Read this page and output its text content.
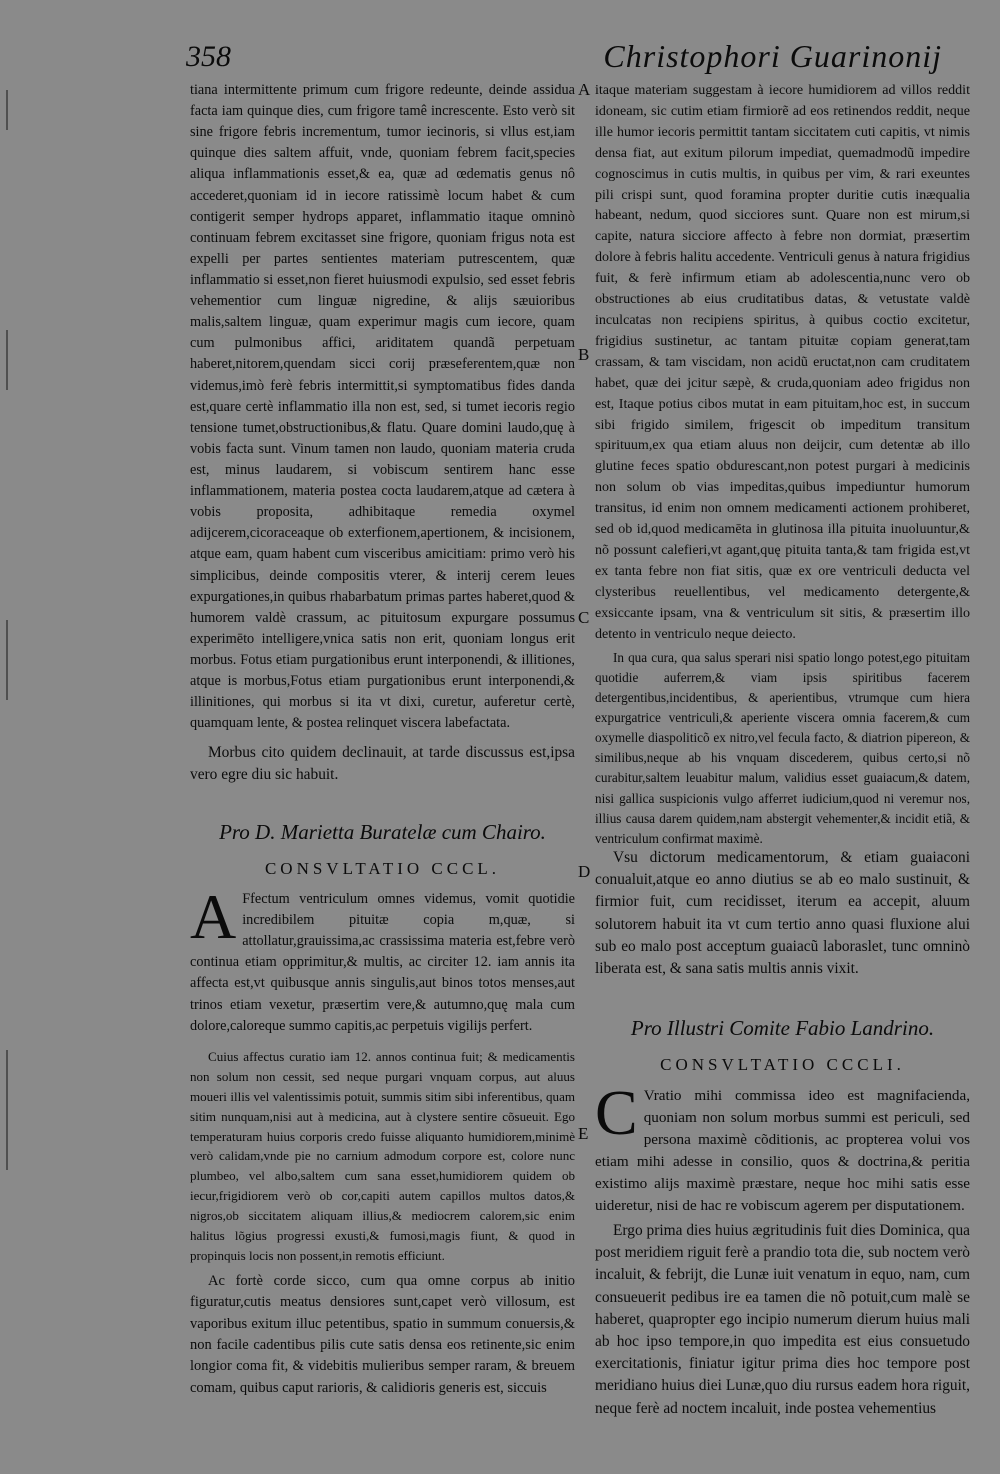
358	Christophori Guarinonij
A
B
C
D
E

tiana intermittente primum cum frigore redeunte, deinde assidua facta iam quinque dies, cum frigore tamê increscente. Esto verò sit sine frigore febris incrementum, tumor iecinoris, si vllus est,iam quinque dies saltem affuit, vnde, quoniam febrem facit,species aliqua inflammationis esset,& ea, quæ ad œdematis genus nô accederet,quoniam id in iecore ratissimè locum habet & cum contigerit semper hydrops apparet, inflammatio itaque omninò continuam febrem excitasset sine frigore, quoniam frigus nota est expelli per partes sentientes materiam putrescentem, quæ inflammatio si esset,non fieret huiusmodi expulsio, sed esset febris vehementior cum linguæ nigredine, & alijs sæuioribus malis,saltem linguæ, quam experimur magis cum iecore, quam cum pulmonibus affici, ariditatem quandã perpetuam haberet,nitorem,quendam sicci corij præseferentem,quæ non videmus,imò ferè febris intermittit,si symptomatibus fides danda est,quare certè inflammatio illa non est, sed, si tumet iecoris regio tensione tumet,obstructionibus,& flatu. Quare domini laudo,quę à vobis facta sunt. Vinum tamen non laudo, quoniam materia cruda est, minus laudarem, si vobiscum sentirem hanc esse inflammationem, materia postea cocta laudarem,atque ad cætera à vobis proposita, adhibitaque remedia oxymel adijcerem,cicoraceaque ob exterfionem,apertionem, & incisionem, atque eam, quam habent cum visceribus amicitiam: primo verò his simplicibus, deinde compositis vterer, & interij cerem leues expurgationes,in quibus rhabarbatum primas partes haberet,quod & humorem valdè crassum, ac pituitosum expurgare possumus experimēto intelligere,vnica satis non erit, quoniam longus erit morbus. Fotus etiam purgationibus erunt interponendi, & illitiones, atque is morbus,Fotus etiam purgationibus erunt interponendi,& illinitiones, qui morbus si ita vt dixi, curetur, auferetur certè, quamquam lente, & postea relinquet viscera labefactata.

Morbus cito quidem declinauit, at tarde discussus est,ipsa vero egre diu sic habuit.

Pro D. Marietta Buratelæ cum Chairo.

CONSVLTATIO CCCL.

A Ffectum ventriculum omnes videmus, vomit quotidie incredibilem pituitæ copia m,quæ, si attollatur,grauissima,ac crassissima materia est,febre verò continua etiam opprimitur,& multis, ac circiter 12. iam annis ita affecta est,vt quibusque annis singulis,aut binos totos menses,aut trinos etiam vexetur, præsertim vere,& autumno,quę mala cum dolore,caloreque summo capitis,ac perpetuis vigilijs perfert.

Cuius affectus curatio iam 12. annos continua fuit; & medicamentis non solum non cessit, sed neque purgari vnquam corpus, aut aluus moueri illis vel valentissimis potuit, summis sitim sibi inferentibus, quam sitim nunquam,nisi aut à medicina, aut à clystere sentire cõsueuit. Ego temperaturam huius corporis credo fuisse aliquanto humidiorem,minimè verò calidam,vnde pie no carnium admodum corpore est, colore nunc plumbeo, vel albo,saltem cum sana esset,humidiorem quidem ob iecur,frigidiorem verò ob cor,capiti autem capillos multos datos,& nigros,ob siccitatem aliquam illius,& mediocrem calorem,sic enim halitus lõgius progressi exusti,& fumosi,magis fiunt, & quod in propinquis locis non possent,in remotis efficiunt.

Ac fortè corde sicco, cum qua omne corpus ab initio figuratur,cutis meatus densiores sunt,capet verò villosum, est vaporibus exitum illuc petentibus, spatio in summum conuersis,& non facile cadentibus pilis cute satis densa eos retinente,sic enim longior coma fit, & videbitis mulieribus semper raram, & breuem comam, quibus caput rarioris, & calidioris generis est, siccuis

itaque materiam suggestam à iecore humidiorem ad villos reddit idoneam, sic cutim etiam firmiorẽ ad eos retinendos reddit, neque ille humor iecoris permittit tantam siccitatem cuti capitis, vt nimis densa fiat, aut exitum pilorum impediat, quemadmodũ impedire cognoscimus in cutis multis, in quibus per vim, & rari exeuntes pili crispi sunt, quod foramina propter duritie cutis inæqualia habeant, nedum, quod sicciores sunt. Quare non est mirum,si capite, natura sicciore affecto à febre non dormiat, præsertim dolore à febris halitu accedente. Ventriculi genus à natura frigidius fuit, & ferè infirmum etiam ab adolescentia,nunc vero ob obstructiones ab eius cruditatibus datas, & vetustate valdè inculcatas non recipiens spiritus, à quibus coctio excitetur, frigidius sustinetur, ac tantam pituitæ copiam generat,tam crassam, & tam viscidam, non acidũ eructat,non cam cruditatem habet, quæ dei jcitur sæpè, & cruda,quoniam adeo frigidus non est, Itaque potius cibos mutat in eam pituitam,hoc est, in succum sibi frigido similem, frigescit ob impeditum transitum spirituum,ex qua etiam aluus non deijcir, cum detentæ ab illo glutine feces spatio obdurescant,non potest purgari à medicinis non solum ob vias impeditas,quibus impediuntur humorum transitus, id enim non omnem medicamenti actionem prohiberet, sed ob id,quod medicamēta in glutinosa illa pituita inuoluuntur,& nõ possunt calefieri,vt agant,quę pituita tanta,& tam frigida est,vt ex tanta febre non fiat sitis, quæ ex ore ventriculi deducta vel clysteribus reuellentibus, vel medicamento detergente,& exsiccante ipsam, vna & ventriculum sit sitis, & præsertim illo detento in ventriculo neque deiecto.

In qua cura, qua salus sperari nisi spatio longo potest,ego pituitam quotidie auferrem,& viam ipsis spiritibus facerem detergentibus,incidentibus, & aperientibus, vtrumque cum hiera expurgatrice ventriculi,& aperiente viscera omnia facerem,& cum oxymelle diaspoliticõ ex nitro,vel fecula facto, & diatrion pipereon, & similibus,neque ab his vnquam discederem, quibus certo,si nõ curabitur,saltem leuabitur malum, validius esset guaiacum,& datem, nisi gallica suspicionis vulgo afferret iudicium,quod ni veremur nos, illius causa darem quidem,nam abstergit vehementer,& incidit etiã, & ventriculum confirmat maximè.

Vsu dictorum medicamentorum, & etiam guaiaconi conualuit,atque eo anno diutius se ab eo malo sustinuit, & firmior fuit, cum recidisset, iterum ea accepit, aluum solutorem habuit ita vt cum tertio anno quasi fluxione alui sub eo malo post acceptum guaiacũ laboraslet, tunc omninò liberata est, & sana satis multis annis vixit.

Pro Illustri Comite Fabio Landrino.

CONSVLTATIO CCCLI.

C Vratio mihi commissa ideo est magnifacienda, quoniam non solum morbus summi est periculi, sed persona maximè cõditionis, ac propterea volui vos etiam mihi adesse in consilio, quos & doctrina,& peritia existimo alijs maximè præstare, neque hoc mihi satis esse uideretur, nisi de hac re vobiscum agerem per disputationem.

Ergo prima dies huius ægritudinis fuit dies Dominica, qua post meridiem riguit ferè a prandio tota die, sub noctem verò incaluit, & febrijt, die Lunæ iuit venatum in equo, nam, cum consueuerit pedibus ire ea tamen die nõ potuit,cum malè se haberet, quapropter ego incipio numerum dierum huius mali ab hoc ipso tempore,in quo impedita est eius consuetudo exercitationis, finiatur igitur prima dies hoc tempore post meridiano huius diei Lunæ,quo diu rursus eadem hora riguit, neque ferè ad noctem incaluit, inde postea vehementius
